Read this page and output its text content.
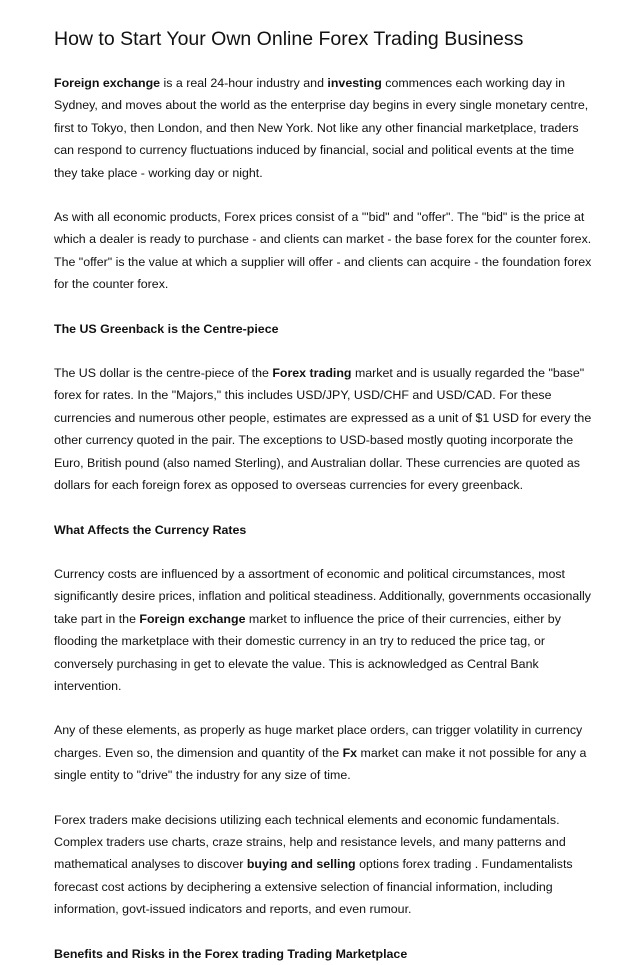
How to Start Your Own Online Forex Trading Business

Foreign exchange is a real 24-hour industry and investing commences each working day in Sydney, and moves about the world as the enterprise day begins in every single monetary centre, first to Tokyo, then London, and then New York. Not like any other financial marketplace, traders can respond to currency fluctuations induced by financial, social and political events at the time they take place - working day or night.

As with all economic products, Forex prices consist of a "'bid" and "offer". The "bid" is the price at which a dealer is ready to purchase - and clients can market - the base forex for the counter forex. The "offer" is the value at which a supplier will offer - and clients can acquire - the foundation forex for the counter forex.

The US Greenback is the Centre-piece

The US dollar is the centre-piece of the Forex trading market and is usually regarded the "base" forex for rates. In the "Majors," this includes USD/JPY, USD/CHF and USD/CAD. For these currencies and numerous other people, estimates are expressed as a unit of $1 USD for every the other currency quoted in the pair. The exceptions to USD-based mostly quoting incorporate the Euro, British pound (also named Sterling), and Australian dollar. These currencies are quoted as dollars for each foreign forex as opposed to overseas currencies for every greenback.

What Affects the Currency Rates

Currency costs are influenced by a assortment of economic and political circumstances, most significantly desire prices, inflation and political steadiness. Additionally, governments occasionally take part in the Foreign exchange market to influence the price of their currencies, either by flooding the marketplace with their domestic currency in an try to reduced the price tag, or conversely purchasing in get to elevate the value. This is acknowledged as Central Bank intervention.

Any of these elements, as properly as huge market place orders, can trigger volatility in currency charges. Even so, the dimension and quantity of the Fx market can make it not possible for any a single entity to "drive" the industry for any size of time.

Forex traders make decisions utilizing each technical elements and economic fundamentals. Complex traders use charts, craze strains, help and resistance levels, and many patterns and mathematical analyses to discover buying and selling options forex trading . Fundamentalists forecast cost actions by deciphering a extensive selection of financial information, including information, govt-issued indicators and reports, and even rumour.

Benefits and Risks in the Forex trading Trading Marketplace
